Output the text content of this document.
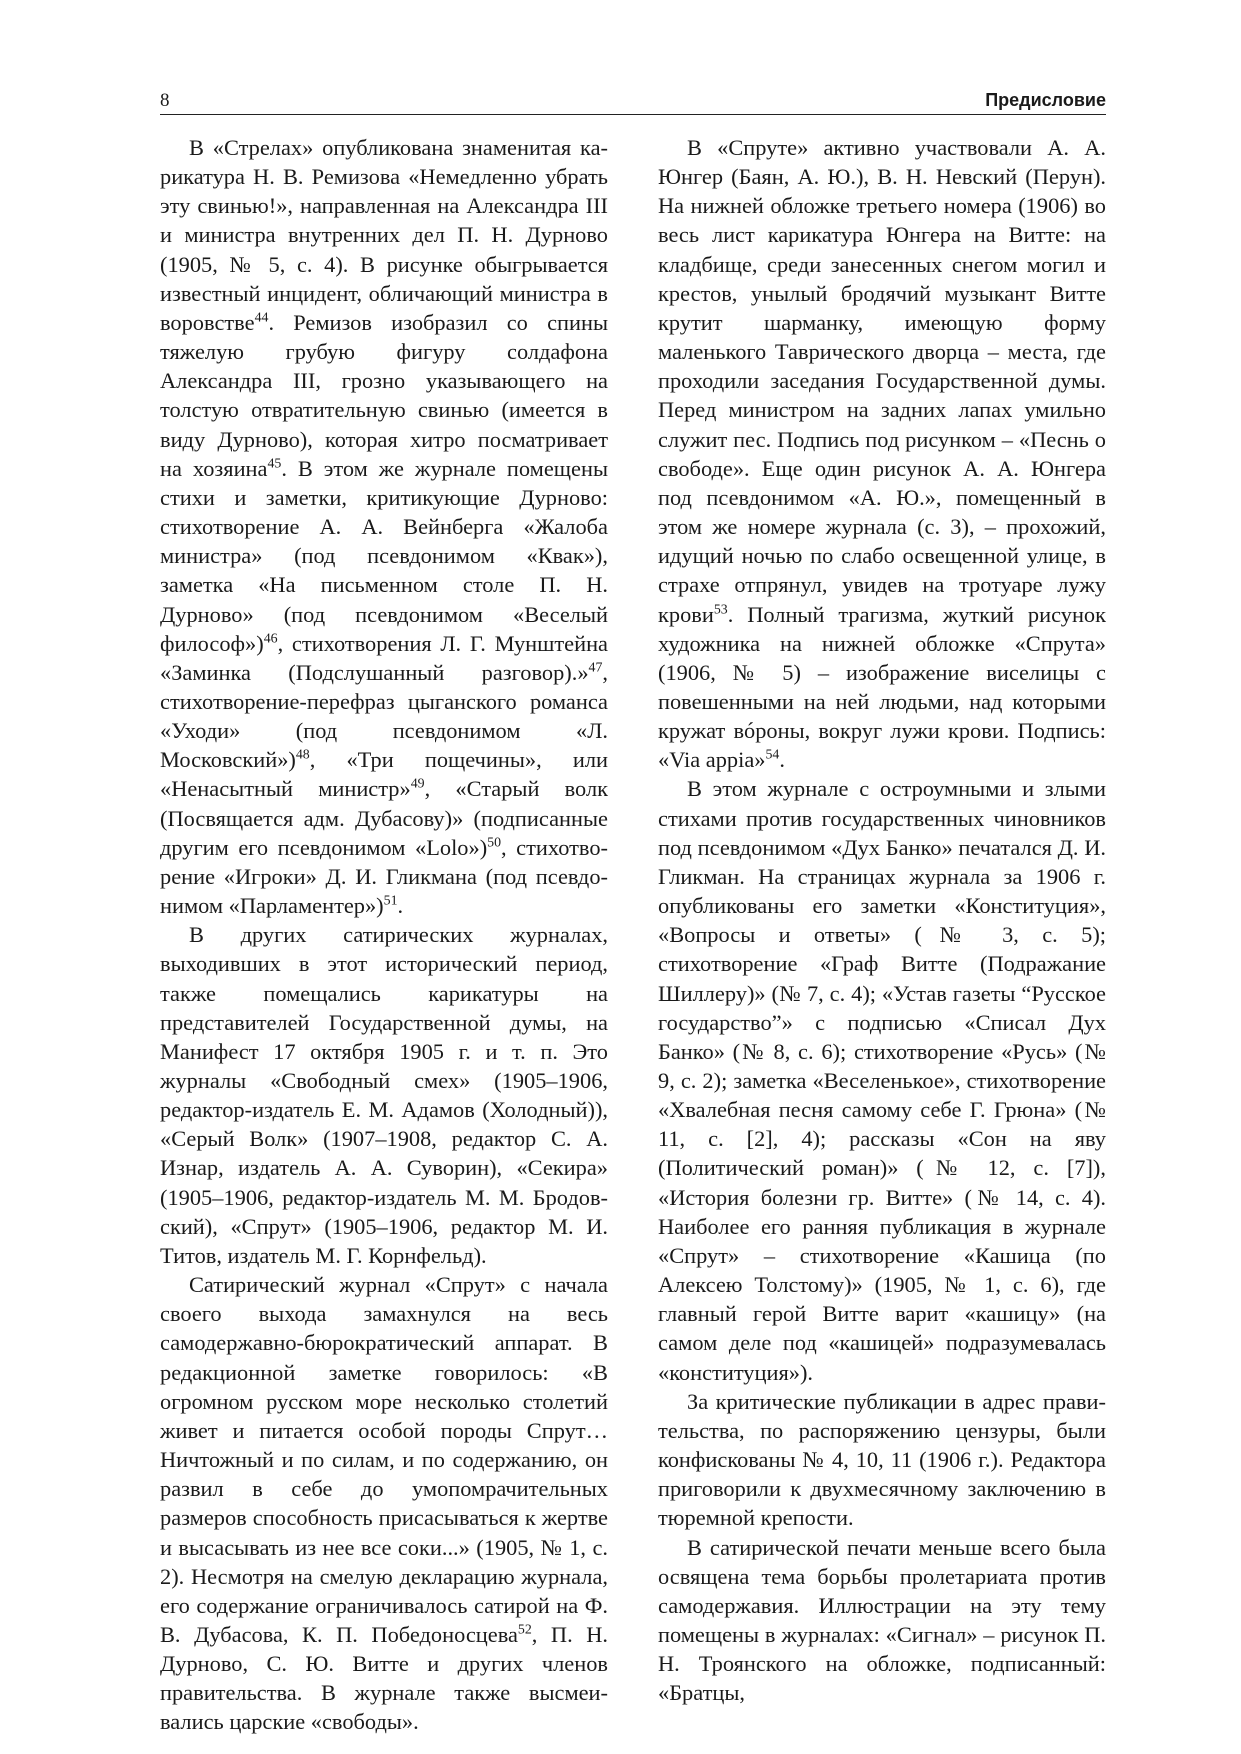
8	Предисловие

В «Стрелах» опубликована знаменитая карикатура Н. В. Ремизова «Немедленно убрать эту свинью!», направленная на Александра III и министра внутренних дел П. Н. Дурново (1905, № 5, с. 4). В рисунке обыгрывается известный инцидент, обличающий министра в воровстве$^{44}$. Ремизов изобразил со спины тяжелую грубую фигуру солдафона Александра III, грозно указывающего на толстую отвратительную свинью (имеется в виду Дурново), которая хитро посматривает на хозяина$^{45}$. В этом же журнале помещены стихи и заметки, критикующие Дурново: стихотворение А. А. Вейнберга «Жалоба министра» (под псевдонимом «Квак»), заметка «На письменном столе П. Н. Дурново» (под псевдонимом «Веселый философ»)$^{46}$, стихотворения Л. Г. Мунштейна «Заминка (Подслушанный разговор).»$^{47}$, стихотворение-перефраз цыганского романса «Уходи» (под псевдонимом «Л. Московский»)$^{48}$, «Три пощечины», или «Ненасытный министр»$^{49}$, «Старый волк (Посвящается адм. Дубасову)» (подписанные другим его псевдонимом «Lolo»)$^{50}$, стихотворение «Игроки» Д. И. Гликмана (под псевдонимом «Парламентер»)$^{51}$.

В других сатирических журналах, выходивших в этот исторический период, также помещались карикатуры на представителей Государственной думы, на Манифест 17 октября 1905 г. и т. п. Это журналы «Свободный смех» (1905–1906, редактор-издатель Е. М. Адамов (Холодный)), «Серый Волк» (1907–1908, редактор С. А. Изнар, издатель А. А. Суворин), «Секира» (1905–1906, редактор-издатель М. М. Бродовский), «Спрут» (1905–1906, редактор М. И. Титов, издатель М. Г. Корнфельд).

Сатирический журнал «Спрут» с начала своего выхода замахнулся на весь самодержавно-бюрократический аппарат. В редакционной заметке говорилось: «В огромном русском море несколько столетий живет и питается особой породы Спрут… Ничтожный и по силам, и по содержанию, он развил в себе до умопомрачительных размеров способность присасываться к жертве и высасывать из нее все соки...» (1905, № 1, с. 2). Несмотря на смелую декларацию журнала, его содержание ограничивалось сатирой на Ф. В. Дубасова, К. П. Победоносцева$^{52}$, П. Н. Дурново, С. Ю. Витте и других членов правительства. В журнале также высмеивались царские «свободы».

В «Спруте» активно участвовали А. А. Юнгер (Баян, А. Ю.), В. Н. Невский (Перун). На нижней обложке третьего номера (1906) во весь лист карикатура Юнгера на Витте: на кладбище, среди занесенных снегом могил и крестов, унылый бродячий музыкант Витте крутит шарманку, имеющую форму маленького Таврического дворца – места, где проходили заседания Государственной думы. Перед министром на задних лапах умильно служит пес. Подпись под рисунком – «Песнь о свободе». Еще один рисунок А. А. Юнгера под псевдонимом «А. Ю.», помещенный в этом же номере журнала (с. 3), – прохожий, идущий ночью по слабо освещенной улице, в страхе отпрянул, увидев на тротуаре лужу крови$^{53}$. Полный трагизма, жуткий рисунок художника на нижней обложке «Спрута» (1906, № 5) – изображение виселицы с повешенными на ней людьми, над которыми кружат вóроны, вокруг лужи крови. Подпись: «Via appia»$^{54}$.

В этом журнале с остроумными и злыми стихами против государственных чиновников под псевдонимом «Дух Банко» печатался Д. И. Гликман. На страницах журнала за 1906 г. опубликованы его заметки «Конституция», «Вопросы и ответы» (№ 3, с. 5); стихотворение «Граф Витте (Подражание Шиллеру)» (№ 7, с. 4); «Устав газеты “Русское государство”» с подписью «Списал Дух Банко» (№ 8, с. 6); стихотворение «Русь» (№ 9, с. 2); заметка «Веселенькое», стихотворение «Хвалебная песня самому себе Г. Грюна» (№ 11, с. [2], 4); рассказы «Сон на яву (Политический роман)» (№ 12, с. [7]), «История болезни гр. Витте» (№ 14, с. 4). Наиболее его ранняя публикация в журнале «Спрут» – стихотворение «Кашица (по Алексею Толстому)» (1905, № 1, с. 6), где главный герой Витте варит «кашицу» (на самом деле под «кашицей» подразумевалась «конституция»).

За критические публикации в адрес правительства, по распоряжению цензуры, были конфискованы № 4, 10, 11 (1906 г.). Редактора приговорили к двухмесячному заключению в тюремной крепости.

В сатирической печати меньше всего была освящена тема борьбы пролетариата против самодержавия. Иллюстрации на эту тему помещены в журналах: «Сигнал» – рисунок П. Н. Троянского на обложке, подписанный: «Братцы,
